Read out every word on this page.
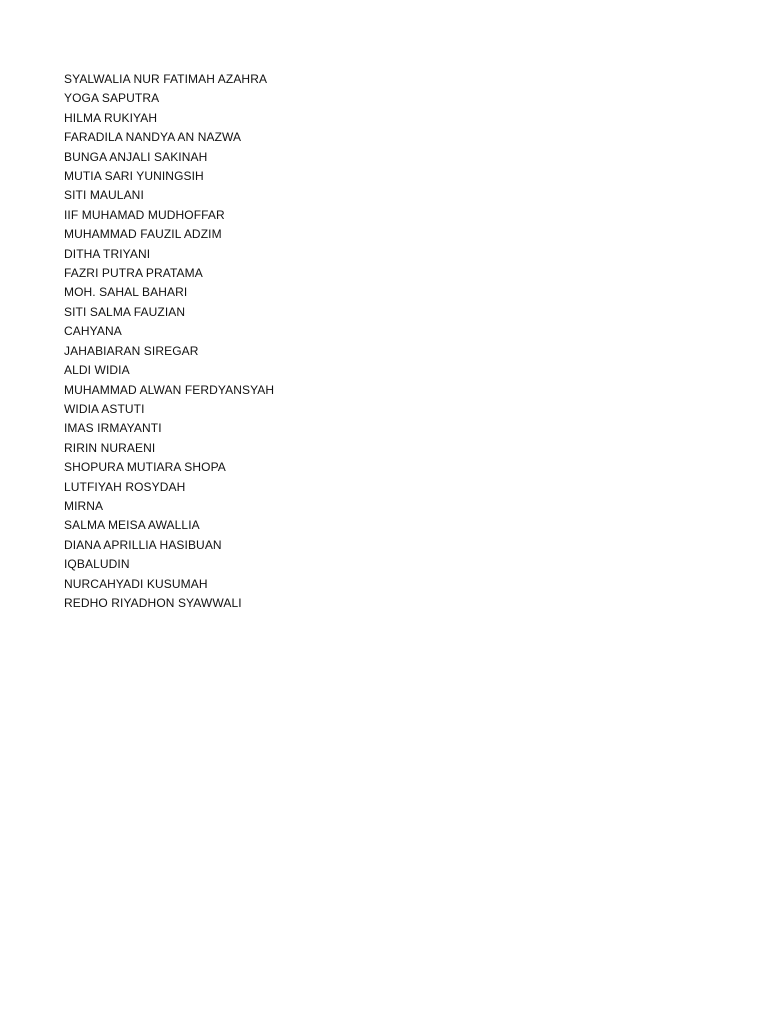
SYALWALIA NUR FATIMAH AZAHRA
YOGA SAPUTRA
HILMA RUKIYAH
FARADILA NANDYA AN NAZWA
BUNGA ANJALI SAKINAH
MUTIA SARI YUNINGSIH
SITI MAULANI
IIF MUHAMAD MUDHOFFAR
MUHAMMAD FAUZIL ADZIM
DITHA TRIYANI
FAZRI PUTRA PRATAMA
MOH. SAHAL BAHARI
SITI SALMA FAUZIAN
CAHYANA
JAHABIARAN SIREGAR
ALDI WIDIA
MUHAMMAD ALWAN FERDYANSYAH
WIDIA ASTUTI
IMAS IRMAYANTI
RIRIN NURAENI
SHOPURA MUTIARA SHOPA
LUTFIYAH ROSYDAH
MIRNA
SALMA MEISA AWALLIA
DIANA APRILLIA HASIBUAN
IQBALUDIN
NURCAHYADI KUSUMAH
REDHO RIYADHON SYAWWALI
